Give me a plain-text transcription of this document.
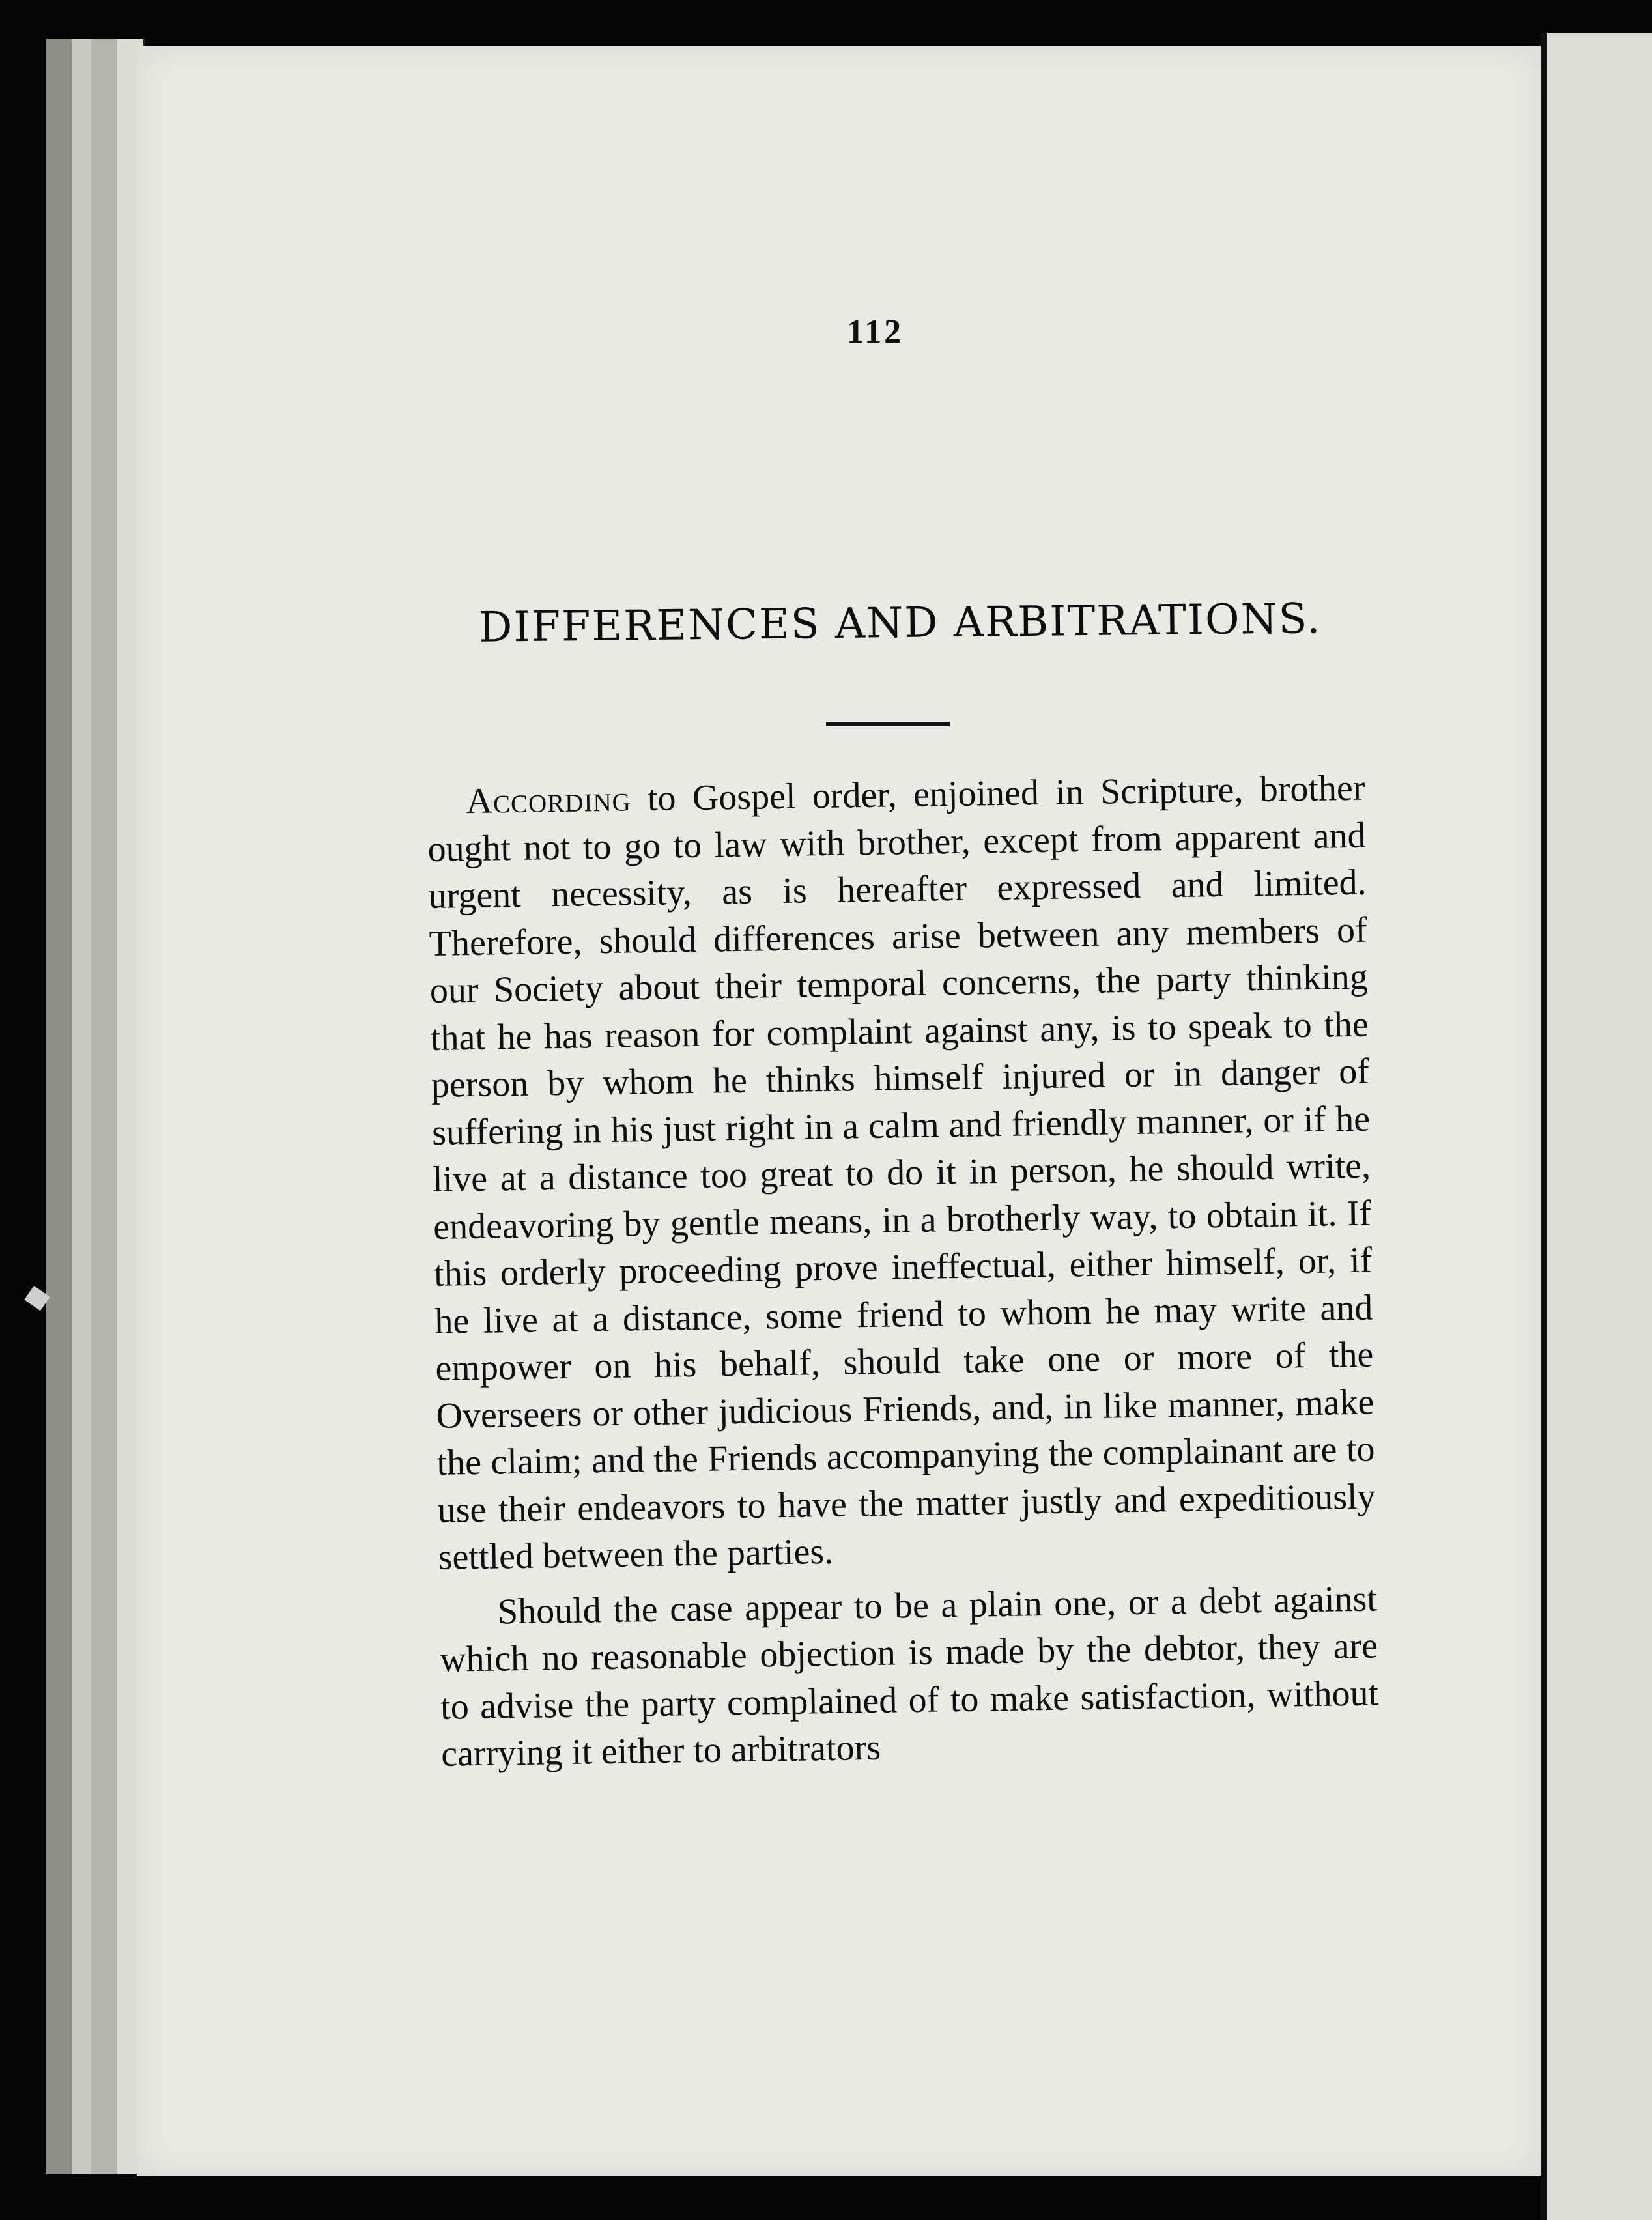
112
DIFFERENCES AND ARBITRATIONS.

According to Gospel order, enjoined in Scripture, brother ought not to go to law with brother, except from apparent and urgent necessity, as is hereafter expressed and limited. Therefore, should differences arise between any members of our Society about their temporal concerns, the party thinking that he has reason for complaint against any, is to speak to the person by whom he thinks himself injured or in danger of suffering in his just right in a calm and friendly manner, or if he live at a distance too great to do it in person, he should write, endeavoring by gentle means, in a brotherly way, to obtain it. If this orderly proceeding prove ineffectual, either himself, or, if he live at a distance, some friend to whom he may write and empower on his behalf, should take one or more of the Overseers or other judicious Friends, and, in like manner, make the claim; and the Friends accompanying the complainant are to use their endeavors to have the matter justly and expeditiously settled between the parties.

Should the case appear to be a plain one, or a debt against which no reasonable objection is made by the debtor, they are to advise the party complained of to make satisfaction, without carrying it either to arbitrators
